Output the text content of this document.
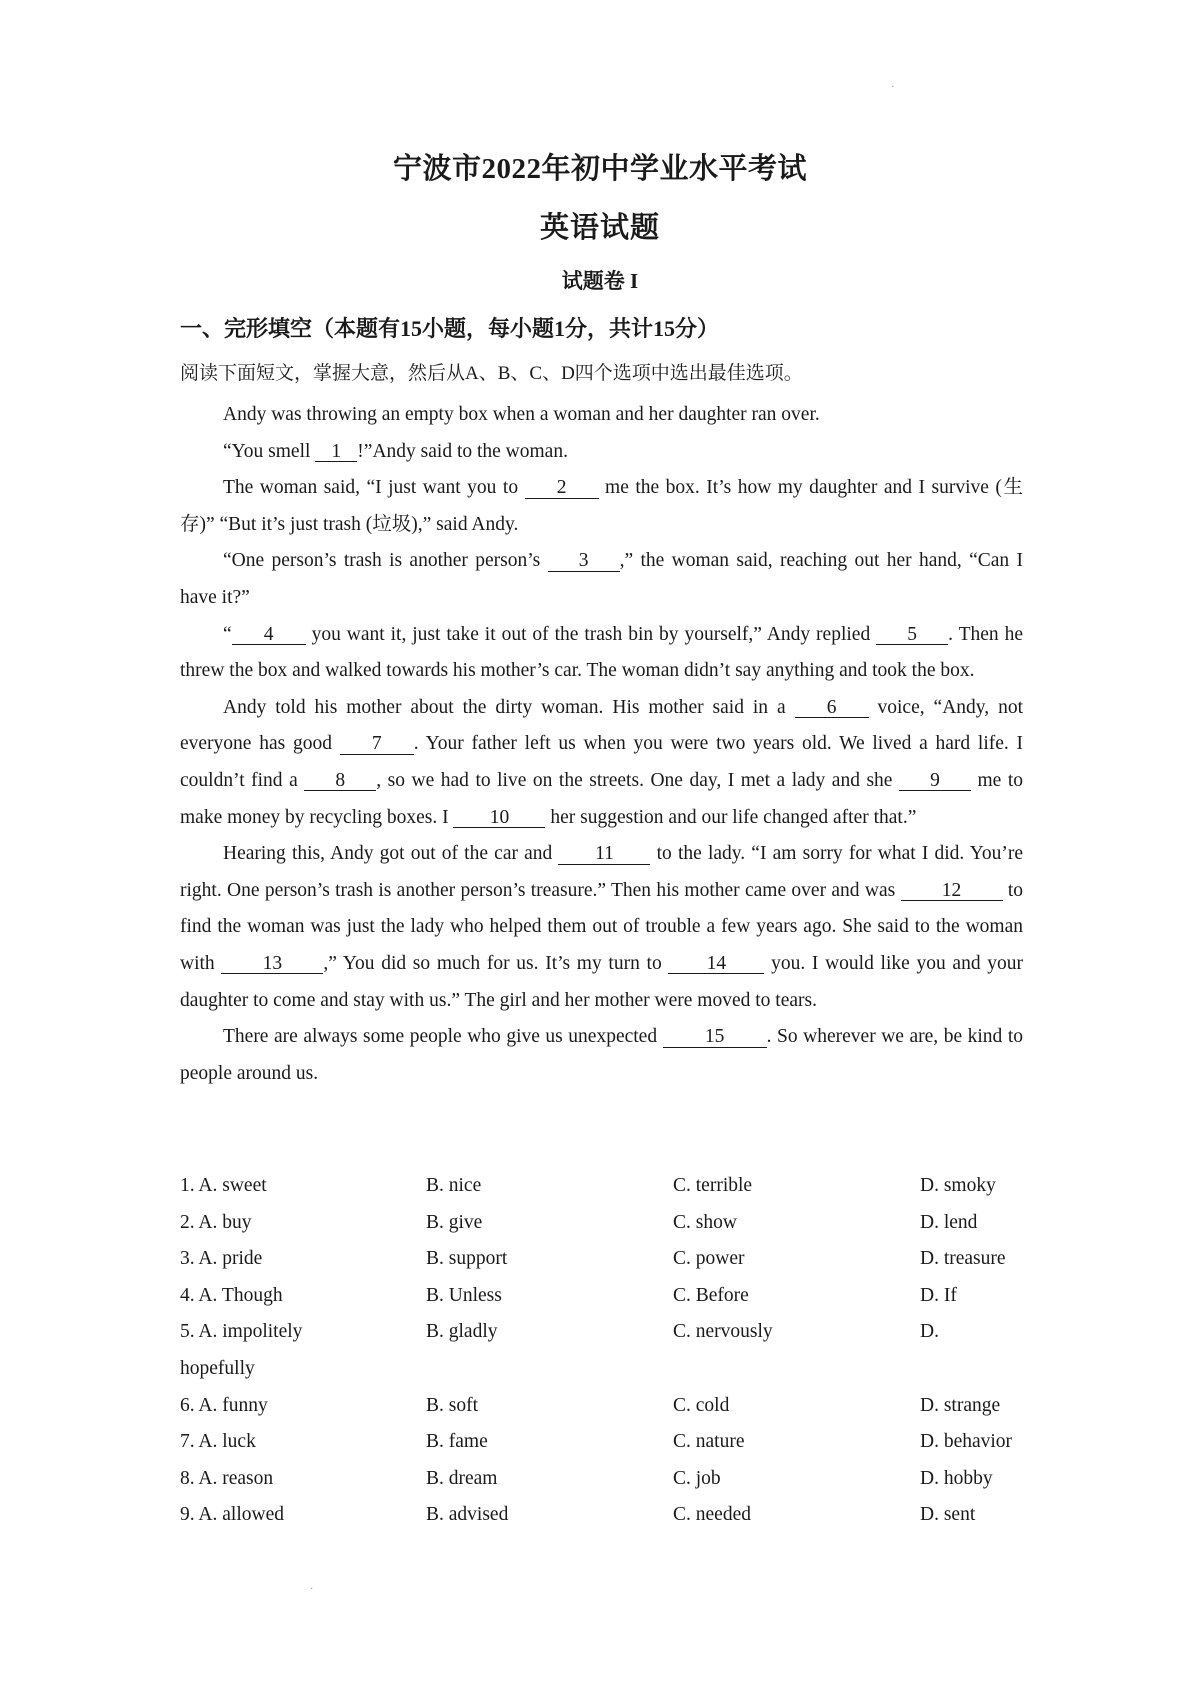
·
·
宁波市2022年初中学业水平考试
英语试题
试题卷 I
一、完形填空（本题有15小题，每小题1分，共计15分）

阅读下面短文，掌握大意，然后从A、B、C、D四个选项中选出最佳选项。

Andy was throwing an empty box when a woman and her daughter ran over.

“You smell 1 !”Andy said to the woman.

The woman said, “I just want you to 2 me the box. It’s how my daughter and I survive (生存)” “But it’s just trash (垃圾),” said Andy.

“One person’s trash is another person’s 3 ,” the woman said, reaching out her hand, “Can I have it?”

“ 4 you want it, just take it out of the trash bin by yourself,” Andy replied 5 . Then he threw the box and walked towards his mother’s car. The woman didn’t say anything and took the box.

Andy told his mother about the dirty woman. His mother said in a 6 voice, “Andy, not everyone has good 7 . Your father left us when you were two years old. We lived a hard life. I couldn’t find a 8 , so we had to live on the streets. One day, I met a lady and she 9 me to make money by recycling boxes. I 10 her suggestion and our life changed after that.”

Hearing this, Andy got out of the car and 11 to the lady. “I am sorry for what I did. You’re right. One person’s trash is another person’s treasure.” Then his mother came over and was 12 to find the woman was just the lady who helped them out of trouble a few years ago. She said to the woman with 13 ,” You did so much for us. It’s my turn to 14 you. I would like you and your daughter to come and stay with us.” The girl and her mother were moved to tears.

There are always some people who give us unexpected 15 . So wherever we are, be kind to people around us.

1. A. sweet	B. nice	C. terrible	D. smoky
2. A. buy	B. give	C. show	D. lend
3. A. pride	B. support	C. power	D. treasure
4. A. Though	B. Unless	C. Before	D. If
5. A. impolitely	B. gladly	C. nervously	D.
hopefully
6. A. funny	B. soft	C. cold	D. strange
7. A. luck	B. fame	C. nature	D. behavior
8. A. reason	B. dream	C. job	D. hobby
9. A. allowed	B. advised	C. needed	D. sent
